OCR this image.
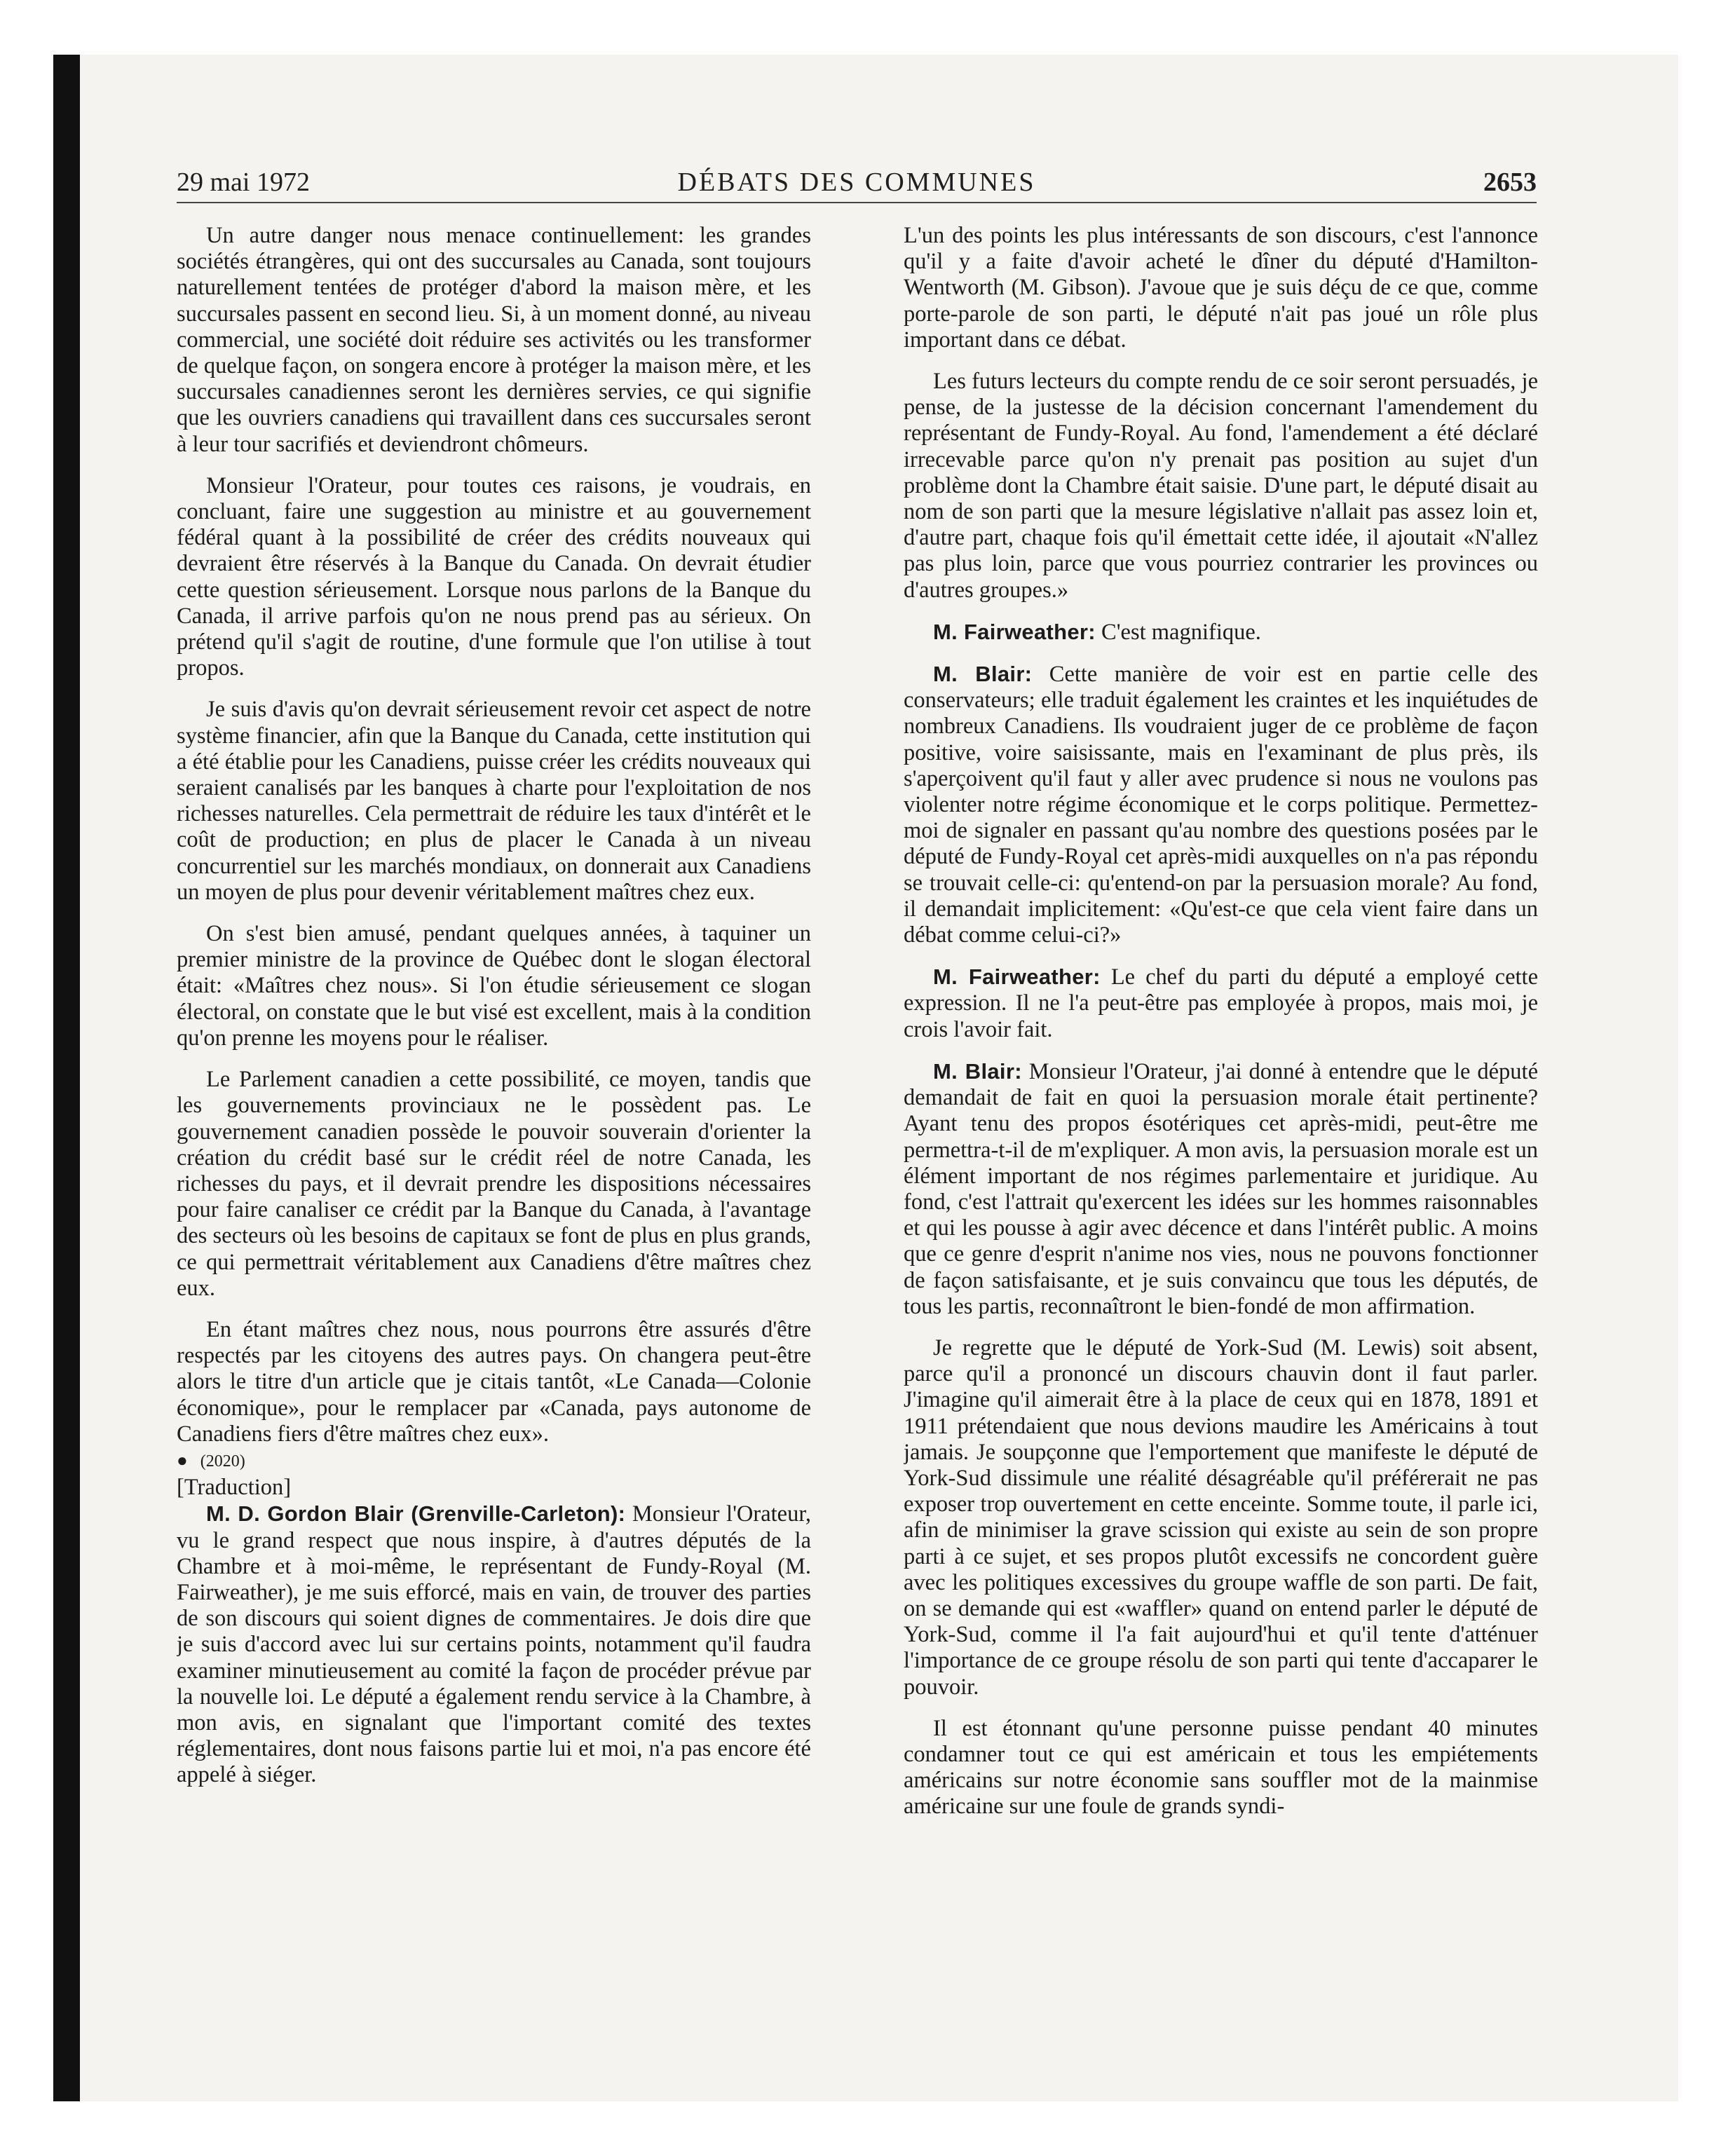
29 mai 1972	DÉBATS DES COMMUNES	2653

Un autre danger nous menace continuellement: les grandes sociétés étrangères, qui ont des succursales au Canada, sont toujours naturellement tentées de protéger d'abord la maison mère, et les succursales passent en second lieu. Si, à un moment donné, au niveau commercial, une société doit réduire ses activités ou les transformer de quelque façon, on songera encore à protéger la maison mère, et les succursales canadiennes seront les dernières servies, ce qui signifie que les ouvriers canadiens qui travaillent dans ces succursales seront à leur tour sacrifiés et deviendront chômeurs.

Monsieur l'Orateur, pour toutes ces raisons, je voudrais, en concluant, faire une suggestion au ministre et au gouvernement fédéral quant à la possibilité de créer des crédits nouveaux qui devraient être réservés à la Banque du Canada. On devrait étudier cette question sérieusement. Lorsque nous parlons de la Banque du Canada, il arrive parfois qu'on ne nous prend pas au sérieux. On prétend qu'il s'agit de routine, d'une formule que l'on utilise à tout propos.

Je suis d'avis qu'on devrait sérieusement revoir cet aspect de notre système financier, afin que la Banque du Canada, cette institution qui a été établie pour les Canadiens, puisse créer les crédits nouveaux qui seraient canalisés par les banques à charte pour l'exploitation de nos richesses naturelles. Cela permettrait de réduire les taux d'intérêt et le coût de production; en plus de placer le Canada à un niveau concurrentiel sur les marchés mondiaux, on donnerait aux Canadiens un moyen de plus pour devenir véritablement maîtres chez eux.

On s'est bien amusé, pendant quelques années, à taquiner un premier ministre de la province de Québec dont le slogan électoral était: «Maîtres chez nous». Si l'on étudie sérieusement ce slogan électoral, on constate que le but visé est excellent, mais à la condition qu'on prenne les moyens pour le réaliser.

Le Parlement canadien a cette possibilité, ce moyen, tandis que les gouvernements provinciaux ne le possèdent pas. Le gouvernement canadien possède le pouvoir souverain d'orienter la création du crédit basé sur le crédit réel de notre Canada, les richesses du pays, et il devrait prendre les dispositions nécessaires pour faire canaliser ce crédit par la Banque du Canada, à l'avantage des secteurs où les besoins de capitaux se font de plus en plus grands, ce qui permettrait véritablement aux Canadiens d'être maîtres chez eux.

En étant maîtres chez nous, nous pourrons être assurés d'être respectés par les citoyens des autres pays. On changera peut-être alors le titre d'un article que je citais tantôt, «Le Canada—Colonie économique», pour le remplacer par «Canada, pays autonome de Canadiens fiers d'être maîtres chez eux».

● (2020)

[Traduction]

M. D. Gordon Blair (Grenville-Carleton): Monsieur l'Orateur, vu le grand respect que nous inspire, à d'autres députés de la Chambre et à moi-même, le représentant de Fundy-Royal (M. Fairweather), je me suis efforcé, mais en vain, de trouver des parties de son discours qui soient dignes de commentaires. Je dois dire que je suis d'accord avec lui sur certains points, notamment qu'il faudra examiner minutieusement au comité la façon de procéder prévue par la nouvelle loi. Le député a également rendu service à la Chambre, à mon avis, en signalant que l'important comité des textes réglementaires, dont nous faisons partie lui et moi, n'a pas encore été appelé à siéger.

L'un des points les plus intéressants de son discours, c'est l'annonce qu'il y a faite d'avoir acheté le dîner du député d'Hamilton-Wentworth (M. Gibson). J'avoue que je suis déçu de ce que, comme porte-parole de son parti, le député n'ait pas joué un rôle plus important dans ce débat.

Les futurs lecteurs du compte rendu de ce soir seront persuadés, je pense, de la justesse de la décision concernant l'amendement du représentant de Fundy-Royal. Au fond, l'amendement a été déclaré irrecevable parce qu'on n'y prenait pas position au sujet d'un problème dont la Chambre était saisie. D'une part, le député disait au nom de son parti que la mesure législative n'allait pas assez loin et, d'autre part, chaque fois qu'il émettait cette idée, il ajoutait «N'allez pas plus loin, parce que vous pourriez contrarier les provinces ou d'autres groupes.»

M. Fairweather: C'est magnifique.

M. Blair: Cette manière de voir est en partie celle des conservateurs; elle traduit également les craintes et les inquiétudes de nombreux Canadiens. Ils voudraient juger de ce problème de façon positive, voire saisissante, mais en l'examinant de plus près, ils s'aperçoivent qu'il faut y aller avec prudence si nous ne voulons pas violenter notre régime économique et le corps politique. Permettez-moi de signaler en passant qu'au nombre des questions posées par le député de Fundy-Royal cet après-midi auxquelles on n'a pas répondu se trouvait celle-ci: qu'entend-on par la persuasion morale? Au fond, il demandait implicitement: «Qu'est-ce que cela vient faire dans un débat comme celui-ci?»

M. Fairweather: Le chef du parti du député a employé cette expression. Il ne l'a peut-être pas employée à propos, mais moi, je crois l'avoir fait.

M. Blair: Monsieur l'Orateur, j'ai donné à entendre que le député demandait de fait en quoi la persuasion morale était pertinente? Ayant tenu des propos ésotériques cet après-midi, peut-être me permettra-t-il de m'expliquer. A mon avis, la persuasion morale est un élément important de nos régimes parlementaire et juridique. Au fond, c'est l'attrait qu'exercent les idées sur les hommes raisonnables et qui les pousse à agir avec décence et dans l'intérêt public. A moins que ce genre d'esprit n'anime nos vies, nous ne pouvons fonctionner de façon satisfaisante, et je suis convaincu que tous les députés, de tous les partis, reconnaîtront le bien-fondé de mon affirmation.

Je regrette que le député de York-Sud (M. Lewis) soit absent, parce qu'il a prononcé un discours chauvin dont il faut parler. J'imagine qu'il aimerait être à la place de ceux qui en 1878, 1891 et 1911 prétendaient que nous devions maudire les Américains à tout jamais. Je soupçonne que l'emportement que manifeste le député de York-Sud dissimule une réalité désagréable qu'il préférerait ne pas exposer trop ouvertement en cette enceinte. Somme toute, il parle ici, afin de minimiser la grave scission qui existe au sein de son propre parti à ce sujet, et ses propos plutôt excessifs ne concordent guère avec les politiques excessives du groupe waffle de son parti. De fait, on se demande qui est «waffler» quand on entend parler le député de York-Sud, comme il l'a fait aujourd'hui et qu'il tente d'atténuer l'importance de ce groupe résolu de son parti qui tente d'accaparer le pouvoir.

Il est étonnant qu'une personne puisse pendant 40 minutes condamner tout ce qui est américain et tous les empiétements américains sur notre économie sans souffler mot de la mainmise américaine sur une foule de grands syndi-
